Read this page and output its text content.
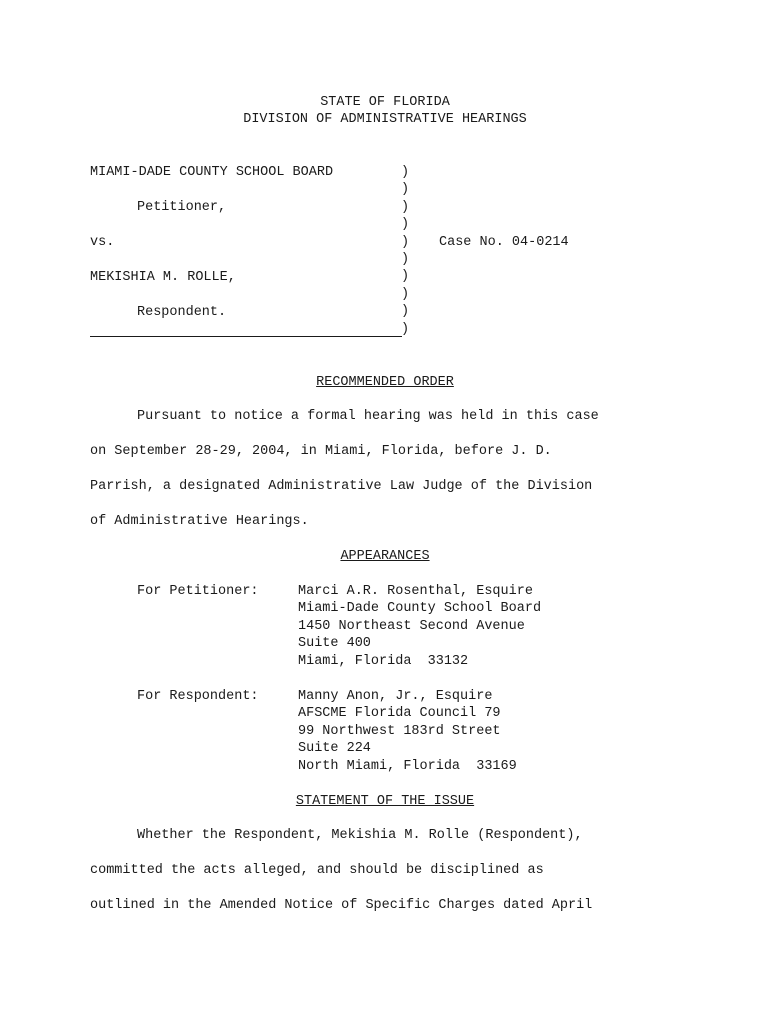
STATE OF FLORIDA
DIVISION OF ADMINISTRATIVE HEARINGS
MIAMI-DADE COUNTY SCHOOL BOARD
Petitioner,
vs.	Case No. 04-0214
MEKISHIA M. ROLLE,
Respondent.
)
)
)
)
)
)
)
)
)
)
RECOMMENDED ORDER
Pursuant to notice a formal hearing was held in this case
on September 28-29, 2004, in Miami, Florida, before J. D.
Parrish, a designated Administrative Law Judge of the Division
of Administrative Hearings.
APPEARANCES
For Petitioner:	Marci A.R. Rosenthal, Esquire
Miami-Dade County School Board
1450 Northeast Second Avenue
Suite 400
Miami, Florida  33132
For Respondent:	Manny Anon, Jr., Esquire
AFSCME Florida Council 79
99 Northwest 183rd Street
Suite 224
North Miami, Florida  33169
STATEMENT OF THE ISSUE
Whether the Respondent, Mekishia M. Rolle (Respondent),
committed the acts alleged, and should be disciplined as
outlined in the Amended Notice of Specific Charges dated April
